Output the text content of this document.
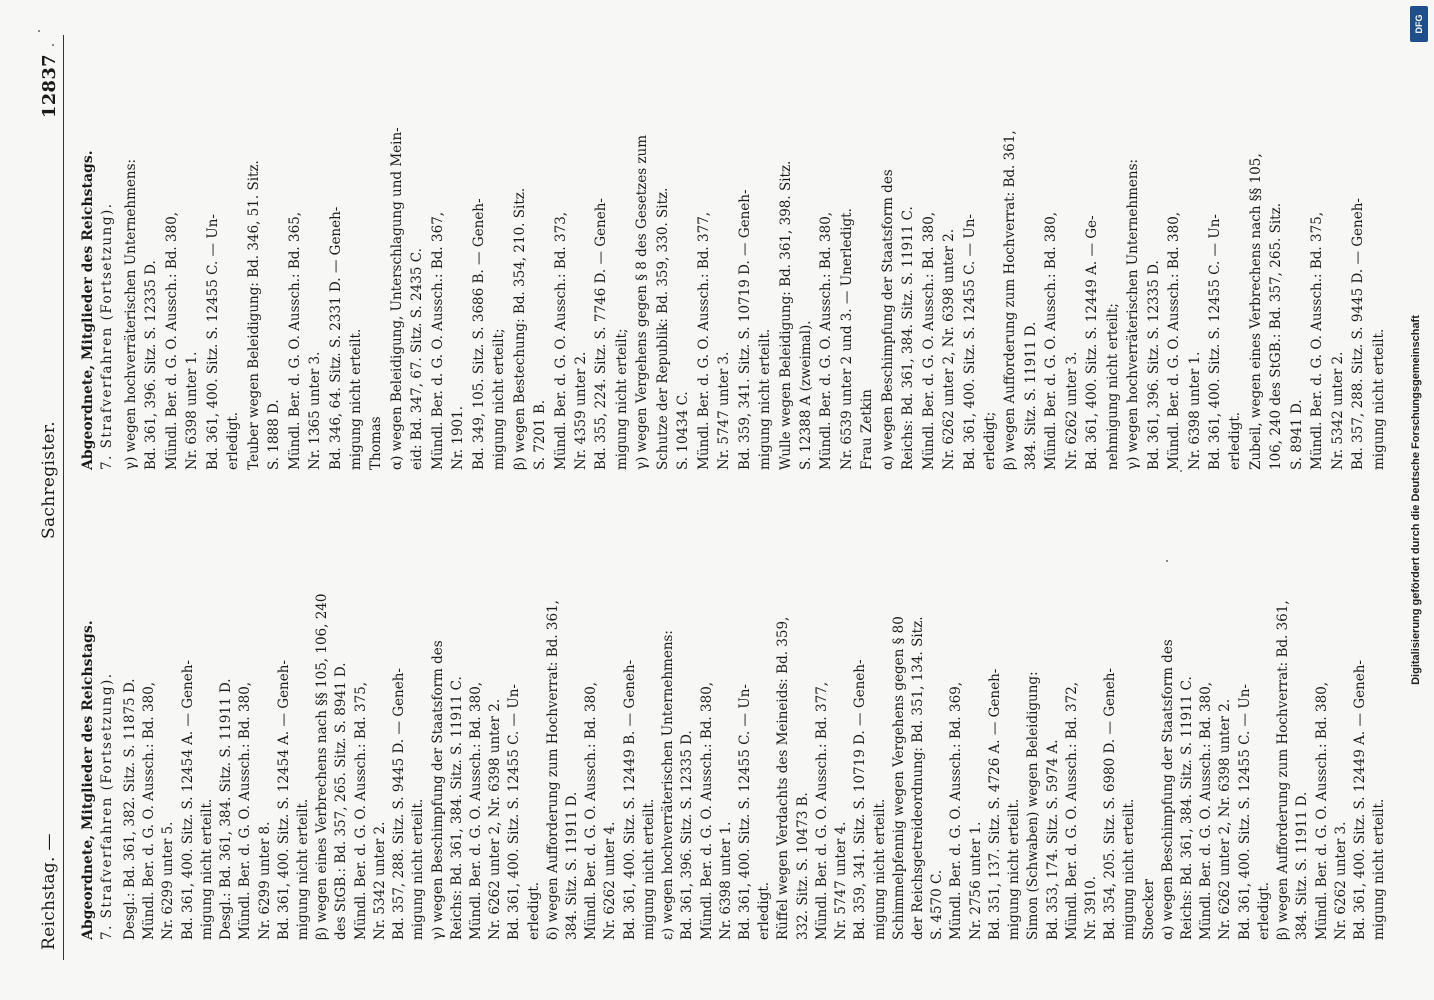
Reichstag. —
Sachregister.
12837
Abgeordnete, Mitglieder des Reichstags. 7. Strafverfahren (Fortsetzung). Desgl.: Bd. 361, 382. Sitz. S. 11875 D. Mündl. Ber. d. G. O. Aussch.: Bd. 380, Nr. 6299 unter 5. Bd. 361, 400. Sitz. S. 12454 A. — Geneh- migung nicht erteilt. Desgl.: Bd. 361, 384. Sitz. S. 11911 D. Mündl. Ber. d. G. O. Aussch.: Bd. 380, Nr. 6299 unter 8. Bd. 361, 400. Sitz. S. 12454 A. — Geneh- migung nicht erteilt. β) wegen eines Verbrechens nach §§ 105, 106, 240 des StGB.: Bd. 357, 265. Sitz. S. 8941 D. Mündl. Ber. d. G. O. Aussch.: Bd. 375, Nr. 5342 unter 2. Bd. 357, 288. Sitz. S. 9445 D. — Geneh- migung nicht erteilt. γ) wegen Beschimpfung der Staatsform des Reichs: Bd. 361, 384. Sitz. S. 11911 C. Mündl. Ber. d. G. O. Aussch.: Bd. 380, Nr. 6262 unter 2, Nr. 6398 unter 2. Bd. 361, 400. Sitz. S. 12455 C. — Un- erledigt. δ) wegen Aufforderung zum Hochverrat: Bd. 361, 384. Sitz. S. 11911 D. Mündl. Ber. d. G. O. Aussch.: Bd. 380, Nr. 6262 unter 4. Bd. 361, 400. Sitz. S. 12449 B. — Geneh- migung nicht erteilt. ε) wegen hochverräterischen Unternehmens: Bd. 361, 396. Sitz. S. 12335 D. Mündl. Ber. d. G. O. Aussch.: Bd. 380, Nr. 6398 unter 1. Bd. 361, 400. Sitz. S. 12455 C. — Un- erledigt. Rüffel wegen Verdachts des Meineids: Bd. 359, 332. Sitz. S. 10473 B. Mündl. Ber. d. G. O. Aussch.: Bd. 377, Nr. 5747 unter 4. Bd. 359, 341. Sitz. S. 10719 D. — Geneh- migung nicht erteilt. Schimmelpfennig wegen Vergehens gegen § 80 der Reichsgetreideordnung: Bd. 351, 134. Sitz. S. 4570 C. Mündl. Ber. d. G. O. Aussch.: Bd. 369, Nr. 2756 unter 1. Bd. 351, 137. Sitz. S. 4726 A. — Geneh- migung nicht erteilt. Simon (Schwaben) wegen Beleidigung: Bd. 353, 174. Sitz. S. 5974 A. Mündl. Ber. d. G. O. Aussch.: Bd. 372, Nr. 3910. Bd. 354, 205. Sitz. S. 6980 D. — Geneh- migung nicht erteilt. Stoecker α) wegen Beschimpfung der Staatsform des Reichs: Bd. 361, 384. Sitz. S. 11911 C. Mündl. Ber. d. G. O. Aussch.: Bd. 380, Nr. 6262 unter 2, Nr. 6398 unter 2. Bd. 361, 400. Sitz. S. 12455 C. — Un- erledigt. β) wegen Aufforderung zum Hochverrat: Bd. 361, 384. Sitz. S. 11911 D. Mündl. Ber. d. G. O. Aussch.: Bd. 380, Nr. 6262 unter 3. Bd. 361, 400. Sitz. S. 12449 A. — Geneh- migung nicht erteilt.
Abgeordnete, Mitglieder des Reichstags. 7. Strafverfahren (Fortsetzung). γ) wegen hochverräterischen Unternehmens: Bd. 361, 396. Sitz. S. 12335 D. Mündl. Ber. d. G. O. Aussch.: Bd. 380, Nr. 6398 unter 1. Bd. 361, 400. Sitz. S. 12455 C. — Un- erledigt. Teuber wegen Beleidigung: Bd. 346, 51. Sitz. S. 1888 D. Mündl. Ber. d. G. O. Aussch.: Bd. 365, Nr. 1365 unter 3. Bd. 346, 64. Sitz. S. 2331 D. — Geneh- migung nicht erteilt. Thomas α) wegen Beleidigung, Unterschlagung und Mein- eid: Bd. 347, 67. Sitz. S. 2435 C. Mündl. Ber. d. G. O. Aussch.: Bd. 367, Nr. 1901. Bd. 349, 105. Sitz. S. 3686 B. — Geneh- migung nicht erteilt; β) wegen Bestechung: Bd. 354, 210. Sitz. S. 7201 B. Mündl. Ber. d. G. O. Aussch.: Bd. 373, Nr. 4359 unter 2. Bd. 355, 224. Sitz. S. 7746 D. — Geneh- migung nicht erteilt; γ) wegen Vergehens gegen § 8 des Gesetzes zum Schutze der Republik: Bd. 359, 330. Sitz. S. 10434 C. Mündl. Ber. d. G. O. Aussch.: Bd. 377, Nr. 5747 unter 3. Bd. 359, 341. Sitz. S. 10719 D. — Geneh- migung nicht erteilt. Wulle wegen Beleidigung: Bd. 361, 398. Sitz. S. 12388 A (zweimal). Mündl. Ber. d. G. O. Aussch.: Bd. 380, Nr. 6539 unter 2 und 3. — Unerledigt. Frau Zetkin α) wegen Beschimpfung der Staatsform des Reichs: Bd. 361, 384. Sitz. S. 11911 C. Mündl. Ber. d. G. O. Aussch.: Bd. 380, Nr. 6262 unter 2, Nr. 6398 unter 2. Bd. 361, 400. Sitz. S. 12455 C. — Un- erledigt; β) wegen Aufforderung zum Hochverrat: Bd. 361, 384. Sitz. S. 11911 D. Mündl. Ber. d. G. O. Aussch.: Bd. 380, Nr. 6262 unter 3. Bd. 361, 400. Sitz. S. 12449 A. — Ge- nehmigung nicht erteilt; γ) wegen hochverräterischen Unternehmens: Bd. 361, 396. Sitz. S. 12335 D. Mündl. Ber. d. G. O. Aussch.: Bd. 380, Nr. 6398 unter 1. Bd. 361, 400. Sitz. S. 12455 C. — Un- erledigt. Zubeil, wegen eines Verbrechens nach §§ 105, 106, 240 des StGB.: Bd. 357, 265. Sitz. S. 8941 D. Mündl. Ber. d. G. O. Aussch.: Bd. 375, Nr. 5342 unter 2. Bd. 357, 288. Sitz. S. 9445 D. — Geneh- migung nicht erteilt.
DFG
Digitalisierung gefördert durch die Deutsche Forschungsgemeinschaft
